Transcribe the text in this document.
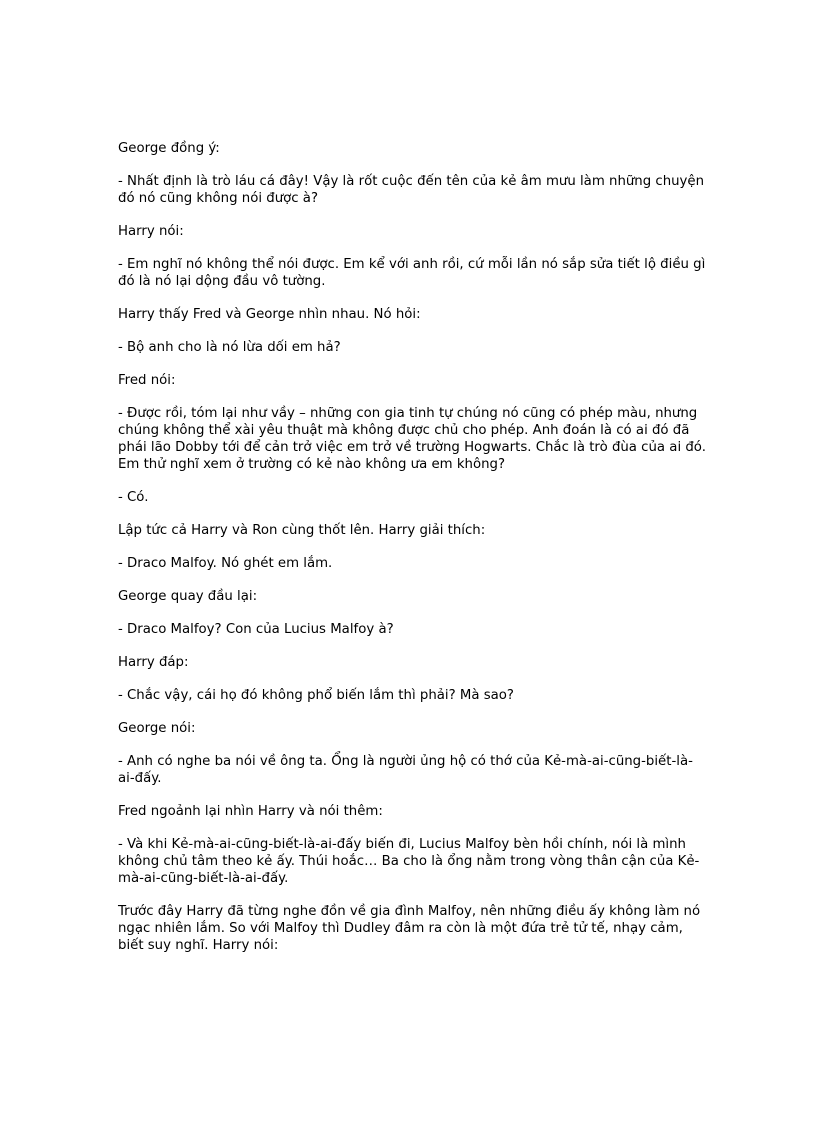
George đồng ý:

- Nhất định là trò láu cá đây! Vậy là rốt cuộc đến tên của kẻ âm mưu làm những chuyện đó nó cũng không nói được à?

Harry nói:

- Em nghĩ nó không thể nói được. Em kể với anh rồi, cứ mỗi lần nó sắp sửa tiết lộ điều gì đó là nó lại dộng đầu vô tường.

Harry thấy Fred và George nhìn nhau. Nó hỏi:

- Bộ anh cho là nó lừa dối em hả?

Fred nói:

- Được rồi, tóm lại như vầy – những con gia tinh tự chúng nó cũng có phép màu, nhưng chúng không thể xài yêu thuật mà không được chủ cho phép. Anh đoán là có ai đó đã phái lão Dobby tới để cản trở việc em trở về trường Hogwarts. Chắc là trò đùa của ai đó. Em thử nghĩ xem ở trường có kẻ nào không ưa em không?

- Có.

Lập tức cả Harry và Ron cùng thốt lên. Harry giải thích:

- Draco Malfoy. Nó ghét em lắm.

George quay đầu lại:

- Draco Malfoy? Con của Lucius Malfoy à?

Harry đáp:

- Chắc vậy, cái họ đó không phổ biến lắm thì phải? Mà sao?

George nói:

- Anh có nghe ba nói về ông ta. Ổng là người ủng hộ có thớ của Kẻ-mà-ai-cũng-biết-là-ai-đấy.

Fred ngoảnh lại nhìn Harry và nói thêm:

- Và khi Kẻ-mà-ai-cũng-biết-là-ai-đấy biến đi, Lucius Malfoy bèn hồi chính, nói là mình không chủ tâm theo kẻ ấy. Thúi hoắc… Ba cho là ổng nằm trong vòng thân cận của Kẻ-mà-ai-cũng-biết-là-ai-đấy.

Trước đây Harry đã từng nghe đồn về gia đình Malfoy, nên những điều ấy không làm nó ngạc nhiên lắm. So với Malfoy thì Dudley đâm ra còn là một đứa trẻ tử tế, nhạy cảm, biết suy nghĩ. Harry nói:
